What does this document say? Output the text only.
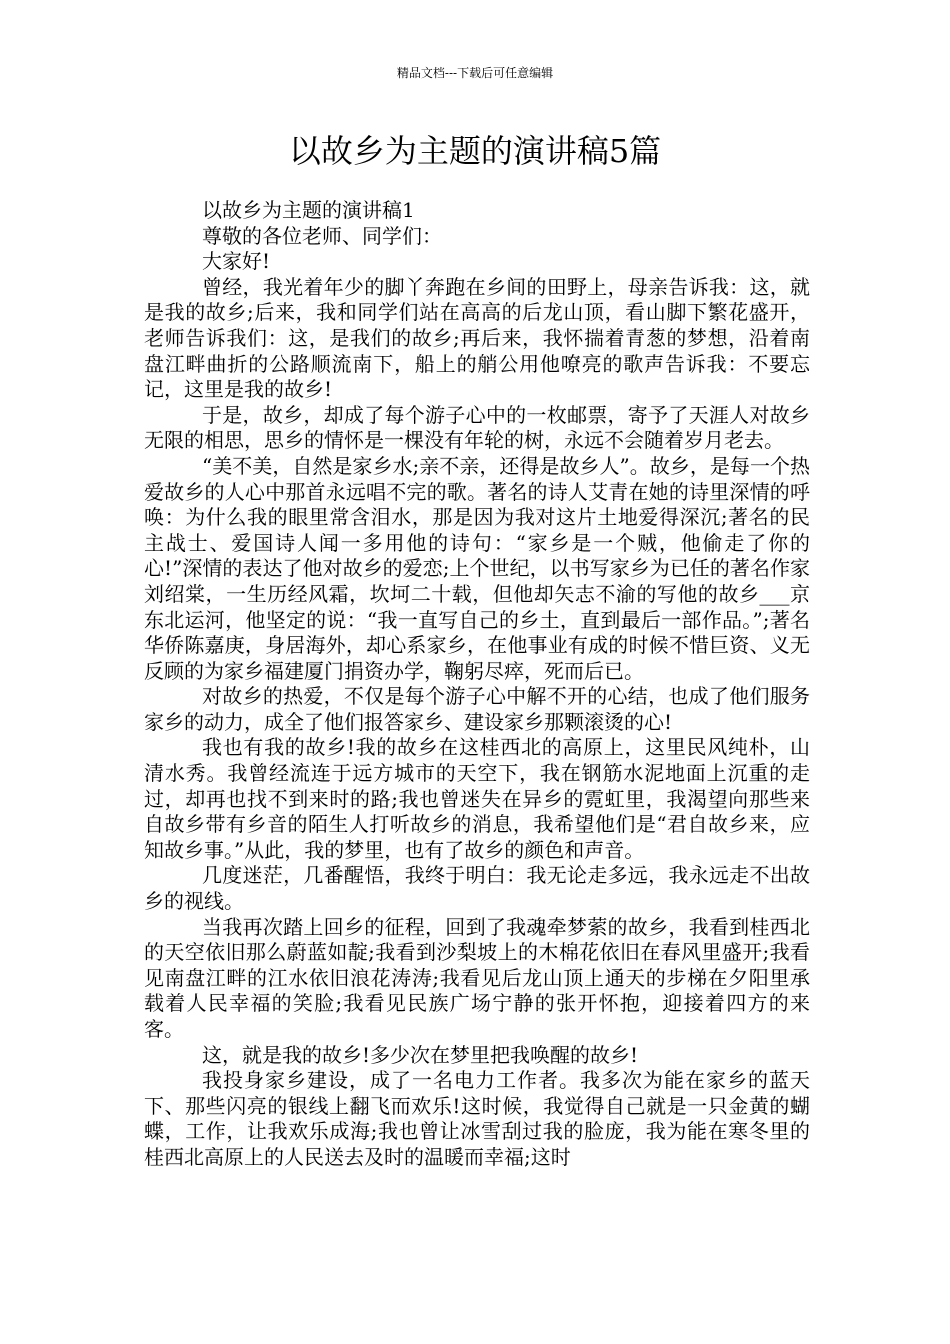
精品文档---下载后可任意编辑
以故乡为主题的演讲稿5篇

以故乡为主题的演讲稿1

尊敬的各位老师、同学们：

大家好!

曾经，我光着年少的脚丫奔跑在乡间的田野上，母亲告诉我：这，就是我的故乡;后来，我和同学们站在高高的后龙山顶，看山脚下繁花盛开，老师告诉我们：这，是我们的故乡;再后来，我怀揣着青葱的梦想，沿着南盘江畔曲折的公路顺流南下，船上的艄公用他嘹亮的歌声告诉我：不要忘记，这里是我的故乡!

于是，故乡，却成了每个游子心中的一枚邮票，寄予了天涯人对故乡无限的相思，思乡的情怀是一棵没有年轮的树，永远不会随着岁月老去。

“美不美，自然是家乡水;亲不亲，还得是故乡人”。故乡，是每一个热爱故乡的人心中那首永远唱不完的歌。著名的诗人艾青在她的诗里深情的呼唤：为什么我的眼里常含泪水，那是因为我对这片土地爱得深沉;著名的民主战士、爱国诗人闻一多用他的诗句：“家乡是一个贼，他偷走了你的心!”深情的表达了他对故乡的爱恋;上个世纪，以书写家乡为已任的著名作家刘绍棠，一生历经风霜，坎坷二十载，但他却矢志不渝的写他的故乡___京东北运河，他坚定的说：“我一直写自己的乡土，直到最后一部作品。”;著名华侨陈嘉庚，身居海外，却心系家乡，在他事业有成的时候不惜巨资、义无反顾的为家乡福建厦门捐资办学，鞠躬尽瘁，死而后已。

对故乡的热爱，不仅是每个游子心中解不开的心结，也成了他们服务家乡的动力，成全了他们报答家乡、建设家乡那颗滚烫的心!

我也有我的故乡!我的故乡在这桂西北的高原上，这里民风纯朴，山清水秀。我曾经流连于远方城市的天空下，我在钢筋水泥地面上沉重的走过，却再也找不到来时的路;我也曾迷失在异乡的霓虹里，我渴望向那些来自故乡带有乡音的陌生人打听故乡的消息，我希望他们是“君自故乡来，应知故乡事。”从此，我的梦里，也有了故乡的颜色和声音。

几度迷茫，几番醒悟，我终于明白：我无论走多远，我永远走不出故乡的视线。

当我再次踏上回乡的征程，回到了我魂牵梦萦的故乡，我看到桂西北的天空依旧那么蔚蓝如靛;我看到沙梨坡上的木棉花依旧在春风里盛开;我看见南盘江畔的江水依旧浪花涛涛;我看见后龙山顶上通天的步梯在夕阳里承载着人民幸福的笑脸;我看见民族广场宁静的张开怀抱，迎接着四方的来客。

这，就是我的故乡!多少次在梦里把我唤醒的故乡!

我投身家乡建设，成了一名电力工作者。我多次为能在家乡的蓝天下、那些闪亮的银线上翻飞而欢乐!这时候，我觉得自己就是一只金黄的蝴蝶，工作，让我欢乐成海;我也曾让冰雪刮过我的脸庞，我为能在寒冬里的桂西北高原上的人民送去及时的温暖而幸福;这时
